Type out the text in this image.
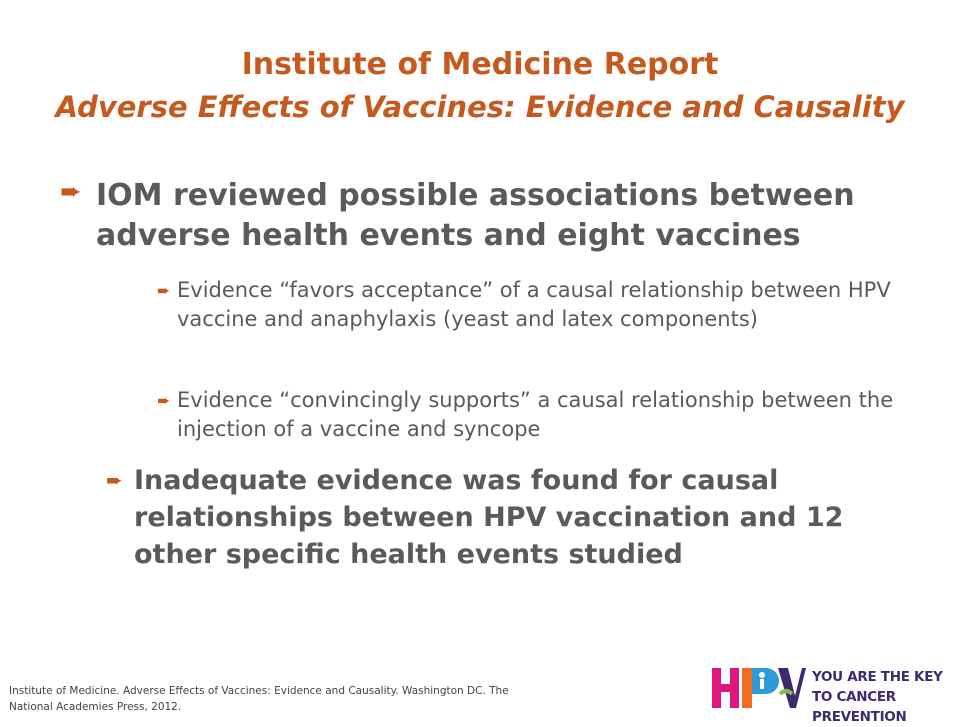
Institute of Medicine Report
Adverse Effects of Vaccines: Evidence and Causality
➨ IOM reviewed possible associations between adverse health events and eight vaccines
➨ Evidence “favors acceptance” of a causal relationship between HPV vaccine and anaphylaxis (yeast and latex components)
➨ Evidence “convincingly supports” a causal relationship between the injection of a vaccine and syncope
➨ Inadequate evidence was found for causal relationships between HPV vaccination and 12 other specific health events studied
Institute of Medicine. Adverse Effects of Vaccines: Evidence and Causality. Washington DC. The National Academies Press, 2012.
YOU ARE THE KEY TO CANCER PREVENTION
